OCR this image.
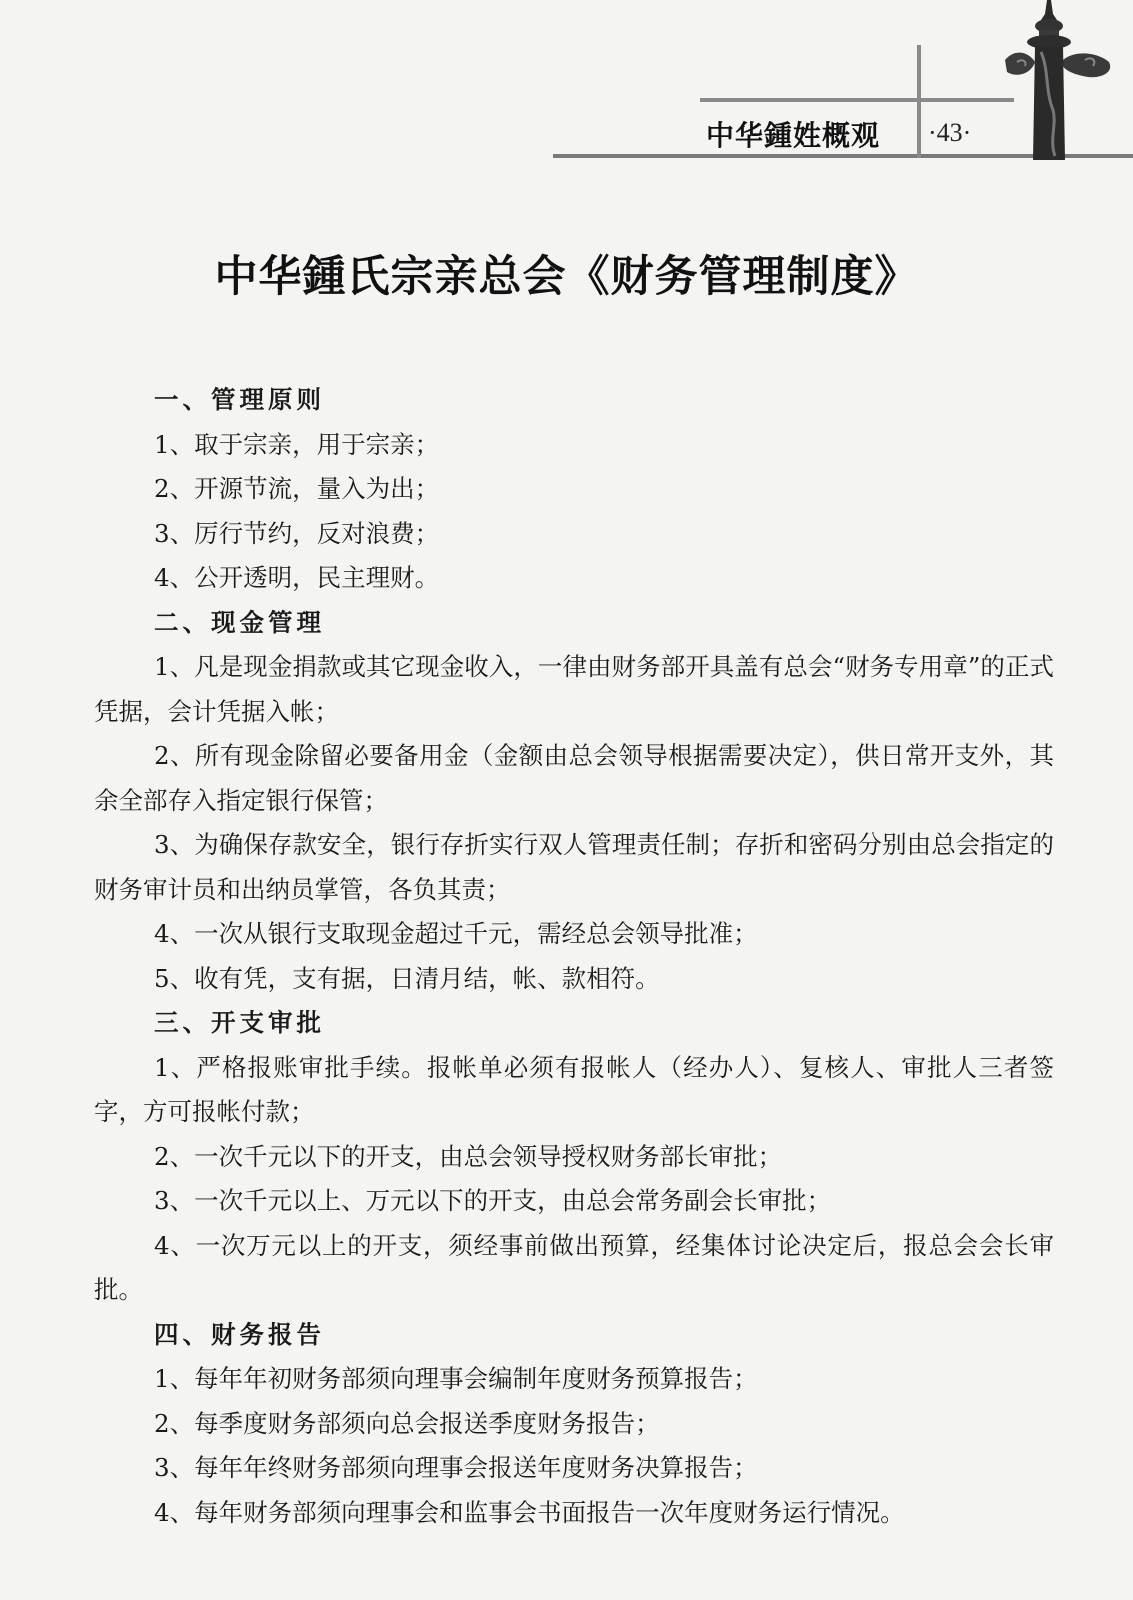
中华鍾姓概观 ·43·
中华鍾氏宗亲总会《财务管理制度》

一、管理原则

1、取于宗亲，用于宗亲；

2、开源节流，量入为出；

3、厉行节约，反对浪费；

4、公开透明，民主理财。

二、现金管理

1、凡是现金捐款或其它现金收入，一律由财务部开具盖有总会“财务专用章”的正式凭据，会计凭据入帐；

2、所有现金除留必要备用金（金额由总会领导根据需要决定），供日常开支外，其余全部存入指定银行保管；

3、为确保存款安全，银行存折实行双人管理责任制；存折和密码分别由总会指定的财务审计员和出纳员掌管，各负其责；

4、一次从银行支取现金超过千元，需经总会领导批准；

5、收有凭，支有据，日清月结，帐、款相符。

三、开支审批

1、严格报账审批手续。报帐单必须有报帐人（经办人）、复核人、审批人三者签字，方可报帐付款；

2、一次千元以下的开支，由总会领导授权财务部长审批；

3、一次千元以上、万元以下的开支，由总会常务副会长审批；

4、一次万元以上的开支，须经事前做出预算，经集体讨论决定后，报总会会长审批。

四、财务报告

1、每年年初财务部须向理事会编制年度财务预算报告；

2、每季度财务部须向总会报送季度财务报告；

3、每年年终财务部须向理事会报送年度财务决算报告；

4、每年财务部须向理事会和监事会书面报告一次年度财务运行情况。
